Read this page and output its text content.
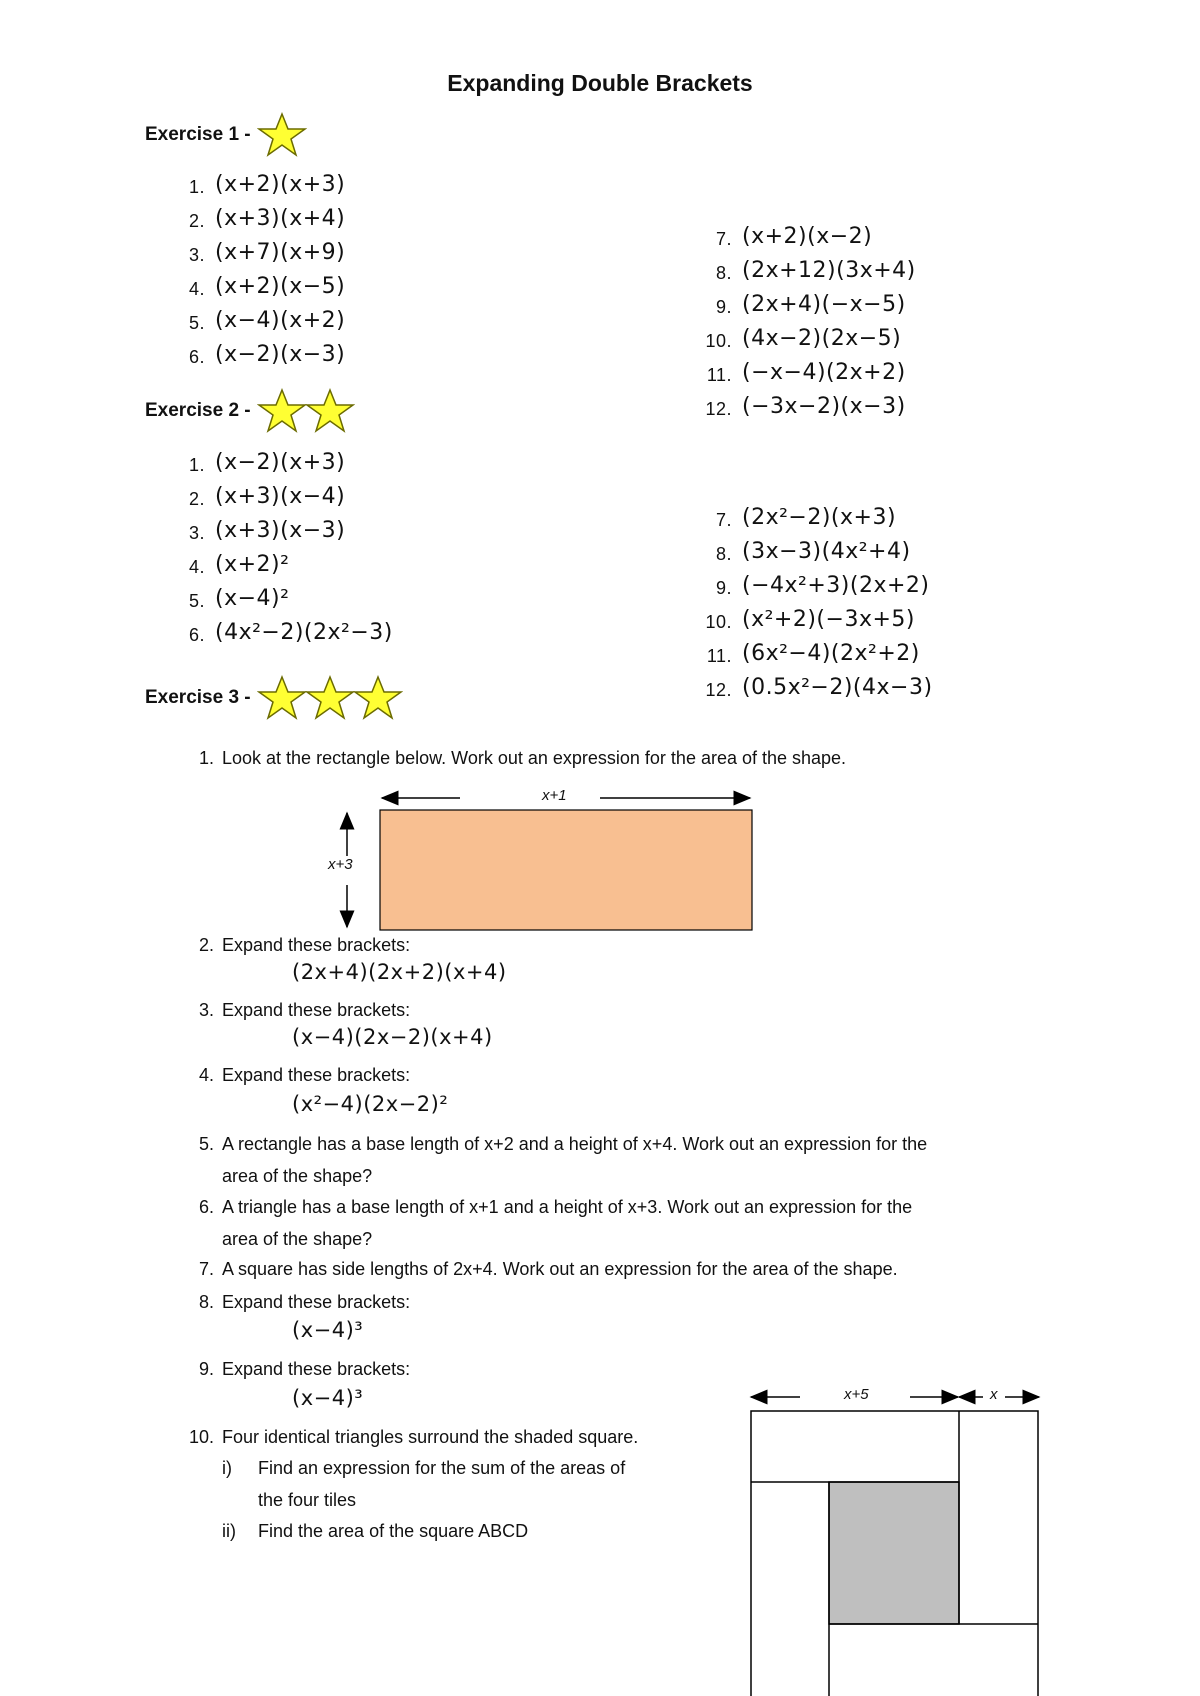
Expanding Double Brackets
Exercise 1 -
1. (x+2)(x+3)
2. (x+3)(x+4)
3. (x+7)(x+9)
4. (x+2)(x−5)
5. (x−4)(x+2)
6. (x−2)(x−3)
7. (x+2)(x−2)
8. (2x+12)(3x+4)
9. (2x+4)(−x−5)
10. (4x−2)(2x−5)
11. (−x−4)(2x+2)
12. (−3x−2)(x−3)
Exercise 2 -
1. (x−2)(x+3)
2. (x+3)(x−4)
3. (x+3)(x−3)
4. (x+2)²
5. (x−4)²
6. (4x²−2)(2x²−3)
7. (2x²−2)(x+3)
8. (3x−3)(4x²+4)
9. (−4x²+3)(2x+2)
10. (x²+2)(−3x+5)
11. (6x²−4)(2x²+2)
12. (0.5x²−2)(4x−3)
Exercise 3 -
1. Look at the rectangle below. Work out an expression for the area of the shape.
x+1
x+3
2. Expand these brackets:
(2x+4)(2x+2)(x+4)
3. Expand these brackets:
(x−4)(2x−2)(x+4)
4. Expand these brackets:
(x²−4)(2x−2)²
5. A rectangle has a base length of x+2 and a height of x+4. Work out an expression for the
area of the shape?
6. A triangle has a base length of x+1 and a height of x+3. Work out an expression for the
area of the shape?
7. A square has side lengths of 2x+4. Work out an expression for the area of the shape.
8. Expand these brackets:
(x−4)³
9. Expand these brackets:
(x−4)³
10. Four identical triangles surround the shaded square.
i)	Find an expression for the sum of the areas of
the four tiles
ii)	Find the area of the square ABCD
x+5	x
